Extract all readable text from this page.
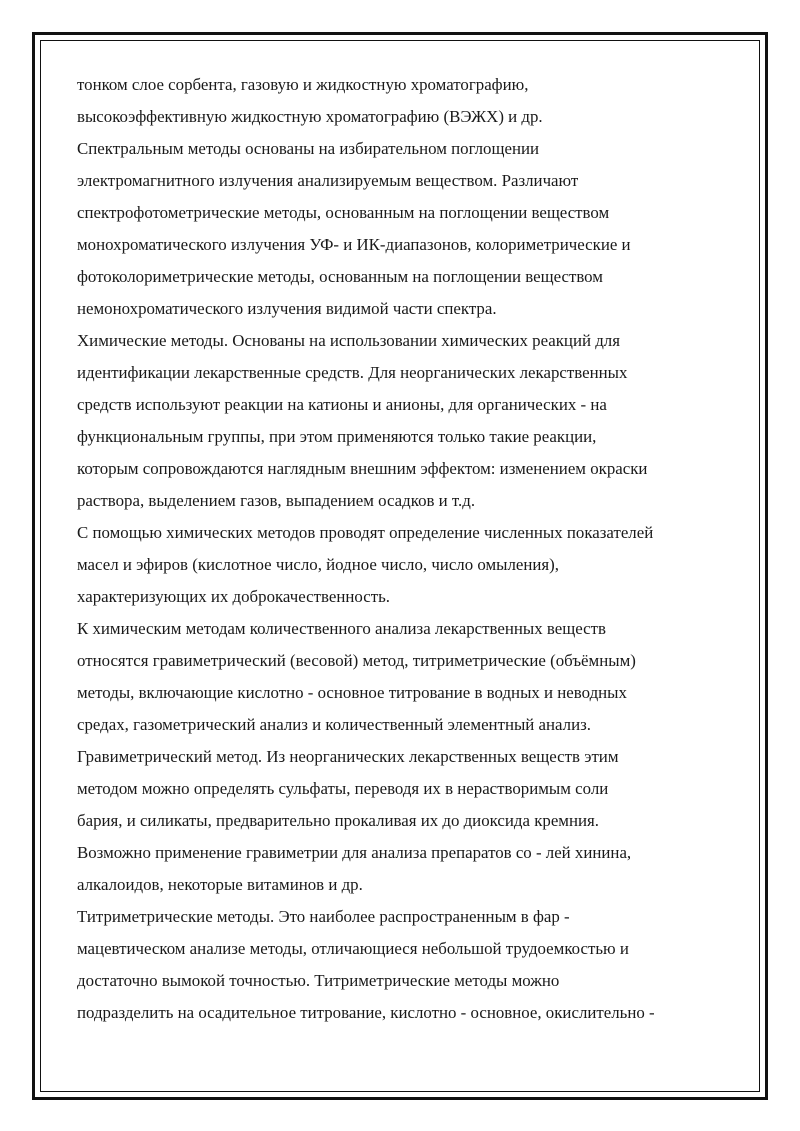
тонком слое сорбента, газовую и жидкостную хроматографию,
высокоэффективную жидкостную хроматографию (ВЭЖХ) и др.
Спектральным методы основаны на избирательном поглощении
электромагнитного излучения анализируемым веществом. Различают
спектрофотометрические методы, основанным на поглощении веществом
монохроматического излучения УФ- и ИК-диапазонов, колориметрические и
фотоколориметрические методы, основанным на поглощении веществом
немонохроматического излучения видимой части спектра.
Химические методы. Основаны на использовании химических реакций для
идентификации лекарственные средств. Для неорганических лекарственных
средств используют реакции на катионы и анионы, для органических - на
функциональным группы, при этом применяются только такие реакции,
которым сопровождаются наглядным внешним эффектом: изменением окраски
раствора, выделением газов, выпадением осадков и т.д.
С помощью химических методов проводят определение численных показателей
масел и эфиров (кислотное число, йодное число, число омыления),
характеризующих их доброкачественность.
К химическим методам количественного анализа лекарственных веществ
относятся гравиметрический (весовой) метод, титриметрические (объёмным)
методы, включающие кислотно - основное титрование в водных и неводных
средах, газометрический анализ и количественный элементный анализ.
Гравиметрический метод. Из неорганических лекарственных веществ этим
методом можно определять сульфаты, переводя их в нерастворимым соли
бария, и силикаты, предварительно прокаливая их до диоксида кремния.
Возможно применение гравиметрии для анализа препаратов со - лей хинина,
алкалоидов, некоторые витаминов и др.
Титриметрические методы. Это наиболее распространенным в фар -
мацевтическом анализе методы, отличающиеся небольшой трудоемкостью и
достаточно вымокой точностью. Титриметрические методы можно
подразделить на осадительное титрование, кислотно - основное, окислительно -
